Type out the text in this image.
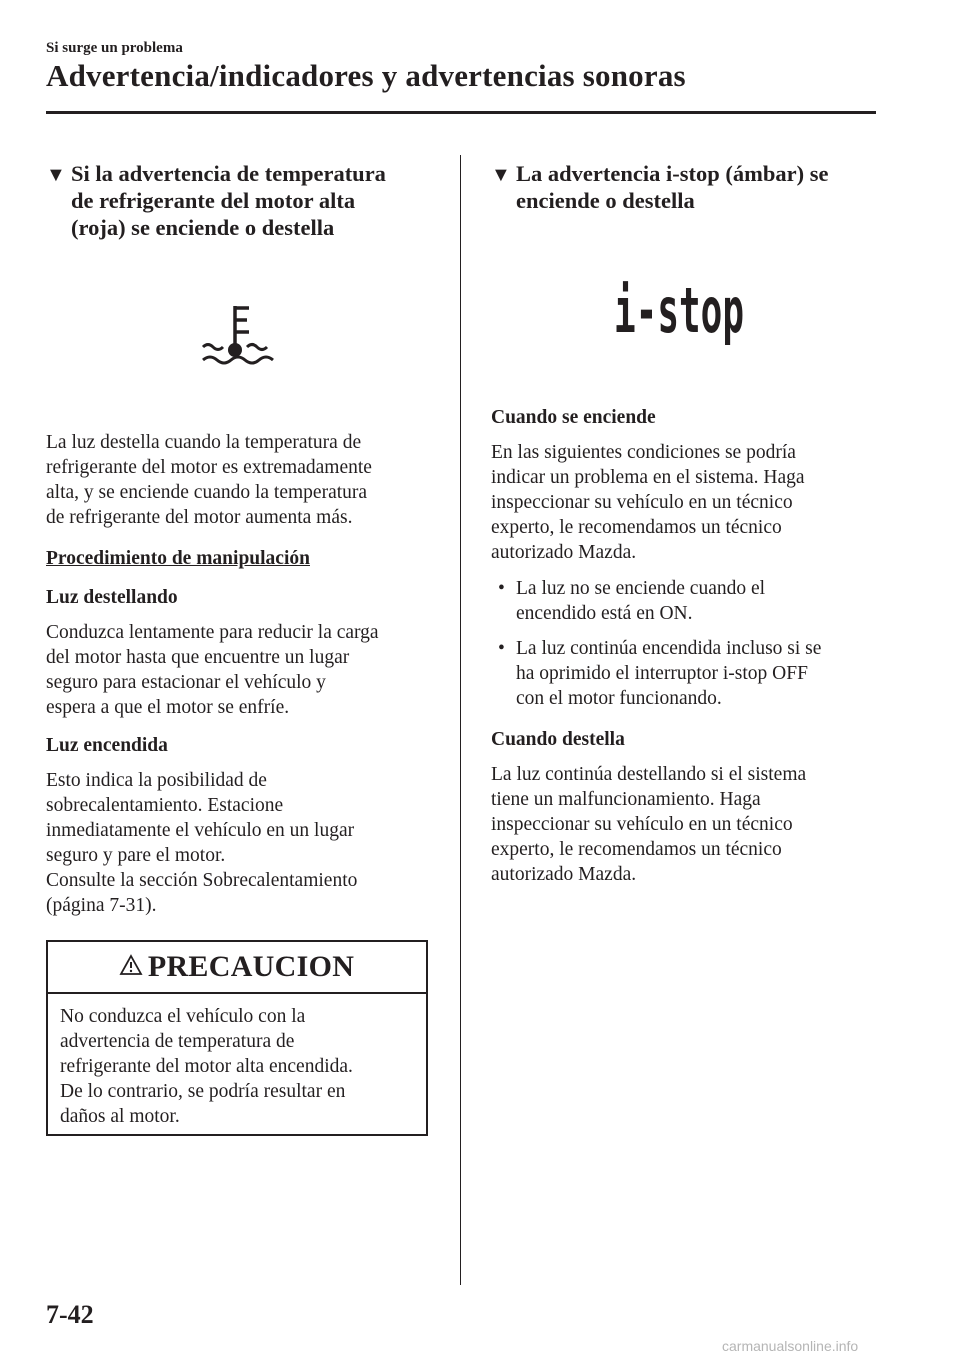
Si surge un problema
Advertencia/indicadores y advertencias sonoras
▼ Si la advertencia de temperatura
de refrigerante del motor alta
(roja) se enciende o destella
La luz destella cuando la temperatura de
refrigerante del motor es extremadamente
alta, y se enciende cuando la temperatura
de refrigerante del motor aumenta más.
Procedimiento de manipulación
Luz destellando
Conduzca lentamente para reducir la carga
del motor hasta que encuentre un lugar
seguro para estacionar el vehículo y
espera a que el motor se enfríe.
Luz encendida
Esto indica la posibilidad de
sobrecalentamiento. Estacione
inmediatamente el vehículo en un lugar
seguro y pare el motor.
Consulte la sección Sobrecalentamiento
(página 7-31).
PRECAUCION
No conduzca el vehículo con la
advertencia de temperatura de
refrigerante del motor alta encendida.
De lo contrario, se podría resultar en
daños al motor.
▼ La advertencia i-stop (ámbar) se
enciende o destella
i-stop
Cuando se enciende
En las siguientes condiciones se podría
indicar un problema en el sistema. Haga
inspeccionar su vehículo en un técnico
experto, le recomendamos un técnico
autorizado Mazda.
• La luz no se enciende cuando el
encendido está en ON.
• La luz continúa encendida incluso si se
ha oprimido el interruptor i-stop OFF
con el motor funcionando.
Cuando destella
La luz continúa destellando si el sistema
tiene un malfuncionamiento. Haga
inspeccionar su vehículo en un técnico
experto, le recomendamos un técnico
autorizado Mazda.
7-42
carmanualsonline.info
